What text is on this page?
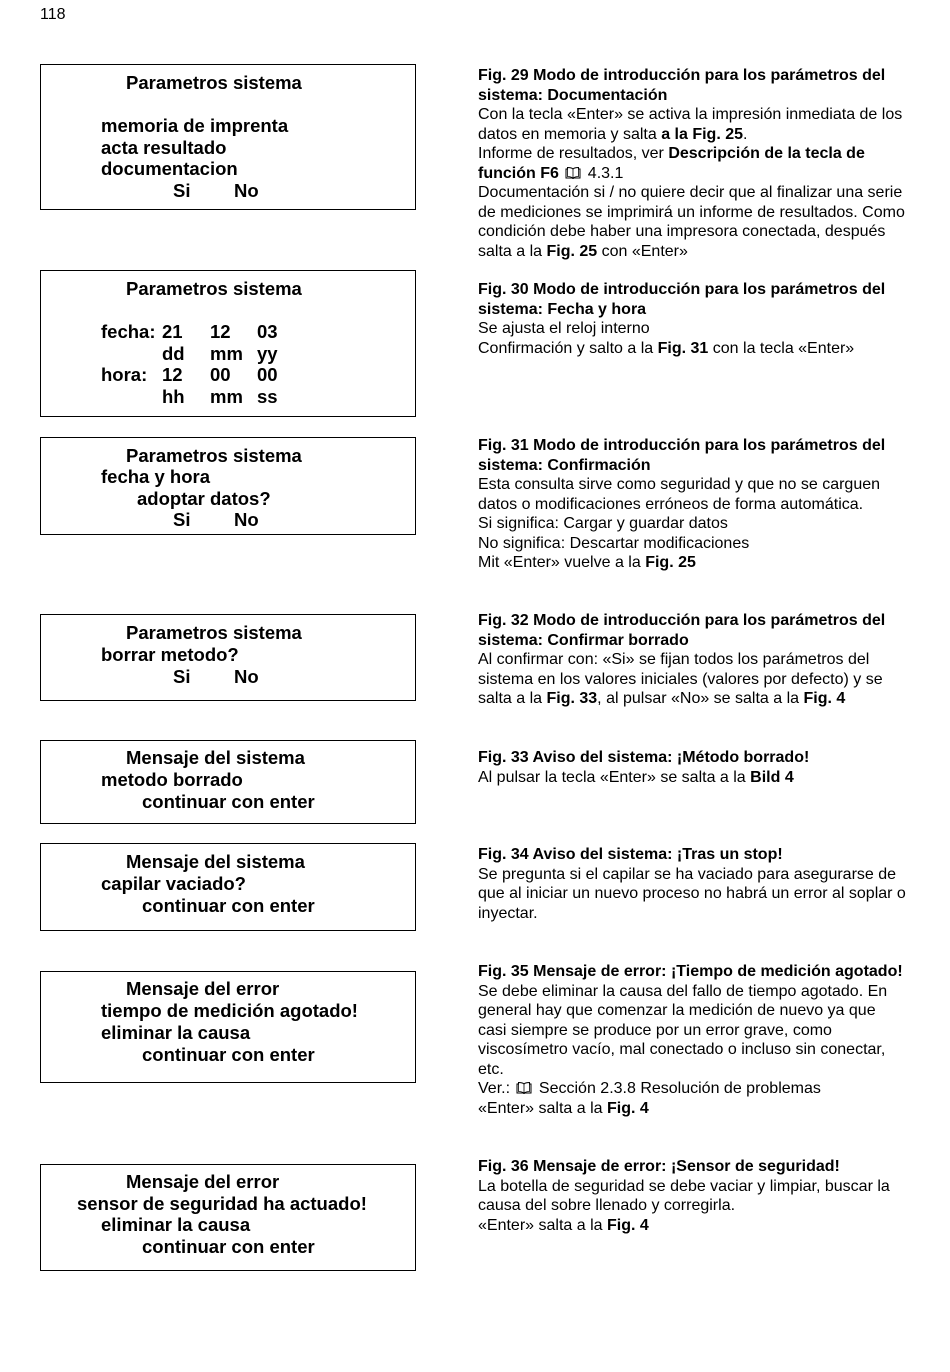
118
Parametros sistema
memoria de imprenta
acta resultado
documentacion
Si No
Parametros sistema
fecha: 21 12 03
dd mm yy
hora: 12 00 00
hh mm ss
Parametros sistema
fecha y hora
adoptar datos?
Si No
Parametros sistema
borrar metodo?
Si No
Mensaje del sistema
metodo borrado
continuar con enter
Mensaje del sistema
capilar vaciado?
continuar con enter
Mensaje del error
tiempo de medición agotado!
eliminar la causa
continuar con enter
Mensaje del error
sensor de seguridad ha actuado!
eliminar la causa
continuar con enter

Fig. 29 Modo de introducción para los parámetros del sistema: Documentación

Con la tecla «Enter» se activa la impresión inmediata de los datos en memoria y salta a la Fig. 25.

Informe de resultados, ver Descripción de la tecla de función F6 4.3.1

Documentación si / no quiere decir que al finalizar una serie de mediciones se imprimirá un informe de resultados. Como condición debe haber una impresora conectada, después salta a la Fig. 25 con «Enter»

Fig. 30 Modo de introducción para los parámetros del sistema: Fecha y hora

Se ajusta el reloj interno

Confirmación y salto a la Fig. 31 con la tecla «Enter»

Fig. 31 Modo de introducción para los parámetros del sistema: Confirmación

Esta consulta sirve como seguridad y que no se carguen datos o modificaciones erróneos de forma automática.

Si significa: Cargar y guardar datos

No significa: Descartar modificaciones

Mit «Enter» vuelve a la Fig. 25

Fig. 32 Modo de introducción para los parámetros del sistema: Confirmar borrado

Al confirmar con: «Si» se fijan todos los parámetros del sistema en los valores iniciales (valores por defecto) y se salta a la Fig. 33, al pulsar «No» se salta a la Fig. 4

Fig. 33 Aviso del sistema: ¡Método borrado!

Al pulsar la tecla «Enter» se salta a la Bild 4

Fig. 34 Aviso del sistema: ¡Tras un stop!

Se pregunta si el capilar se ha vaciado para asegurarse de que al iniciar un nuevo proceso no habrá un error al soplar o inyectar.

Fig. 35 Mensaje de error: ¡Tiempo de medición agotado!

Se debe eliminar la causa del fallo de tiempo agotado. En general hay que comenzar la medición de nuevo ya que casi siempre se produce por un error grave, como viscosímetro vacío, mal conectado o incluso sin conectar, etc.

Ver.:
Sección 2.3.8 Resolución de problemas

«Enter» salta a la Fig. 4

Fig. 36 Mensaje de error: ¡Sensor de seguridad!

La botella de seguridad se debe vaciar y limpiar, buscar la causa del sobre llenado y corregirla.

«Enter» salta a la Fig. 4
